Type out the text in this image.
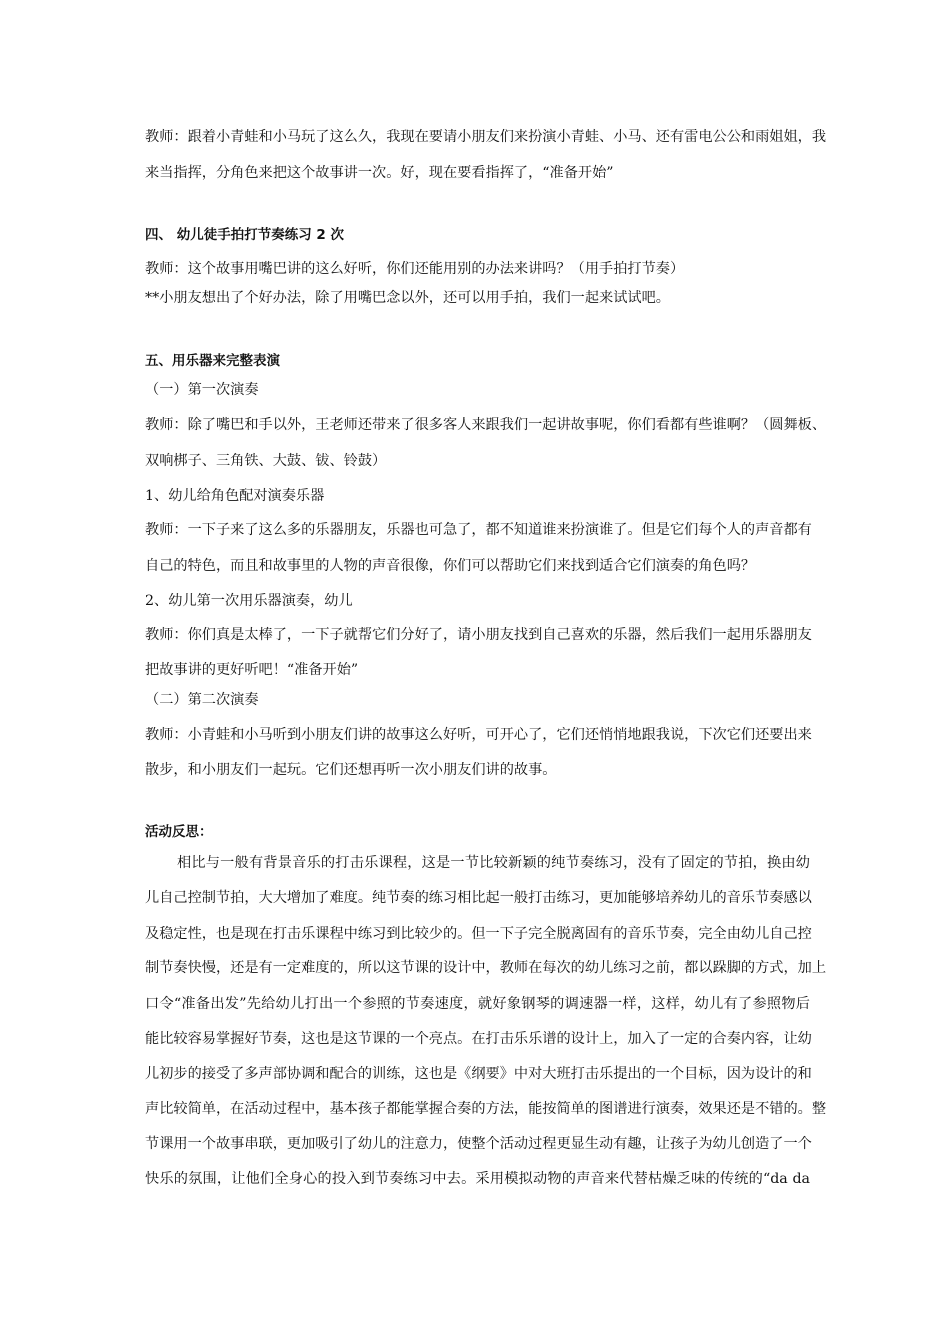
教师：跟着小青蛙和小马玩了这么久，我现在要请小朋友们来扮演小青蛙、小马、还有雷电公公和雨姐姐，我

来当指挥，分角色来把这个故事讲一次。好，现在要看指挥了，“准备开始”

四、 幼儿徒手拍打节奏练习 2 次

教师：这个故事用嘴巴讲的这么好听，你们还能用别的办法来讲吗？（用手拍打节奏）

**小朋友想出了个好办法，除了用嘴巴念以外，还可以用手拍，我们一起来试试吧。

五、用乐器来完整表演

（一）第一次演奏

教师：除了嘴巴和手以外，王老师还带来了很多客人来跟我们一起讲故事呢，你们看都有些谁啊？（圆舞板、

双响梆子、三角铁、大鼓、钹、铃鼓）

1、幼儿给角色配对演奏乐器

教师：一下子来了这么多的乐器朋友，乐器也可急了，都不知道谁来扮演谁了。但是它们每个人的声音都有

自己的特色，而且和故事里的人物的声音很像，你们可以帮助它们来找到适合它们演奏的角色吗？

2、幼儿第一次用乐器演奏，幼儿

教师：你们真是太棒了，一下子就帮它们分好了，请小朋友找到自己喜欢的乐器，然后我们一起用乐器朋友

把故事讲的更好听吧！“准备开始”

（二）第二次演奏

教师：小青蛙和小马听到小朋友们讲的故事这么好听，可开心了，它们还悄悄地跟我说，下次它们还要出来

散步，和小朋友们一起玩。它们还想再听一次小朋友们讲的故事。

活动反思：

相比与一般有背景音乐的打击乐课程，这是一节比较新颖的纯节奏练习，没有了固定的节拍，换由幼

儿自己控制节拍，大大增加了难度。纯节奏的练习相比起一般打击练习，更加能够培养幼儿的音乐节奏感以

及稳定性，也是现在打击乐课程中练习到比较少的。但一下子完全脱离固有的音乐节奏，完全由幼儿自己控

制节奏快慢，还是有一定难度的，所以这节课的设计中，教师在每次的幼儿练习之前，都以跺脚的方式，加上

口令“准备出发”先给幼儿打出一个参照的节奏速度，就好象钢琴的调速器一样，这样，幼儿有了参照物后

能比较容易掌握好节奏，这也是这节课的一个亮点。在打击乐乐谱的设计上，加入了一定的合奏内容，让幼

儿初步的接受了多声部协调和配合的训练，这也是《纲要》中对大班打击乐提出的一个目标，因为设计的和

声比较简单，在活动过程中，基本孩子都能掌握合奏的方法，能按简单的图谱进行演奏，效果还是不错的。整

节课用一个故事串联，更加吸引了幼儿的注意力，使整个活动过程更显生动有趣，让孩子为幼儿创造了一个

快乐的氛围，让他们全身心的投入到节奏练习中去。采用模拟动物的声音来代替枯燥乏味的传统的“da da
